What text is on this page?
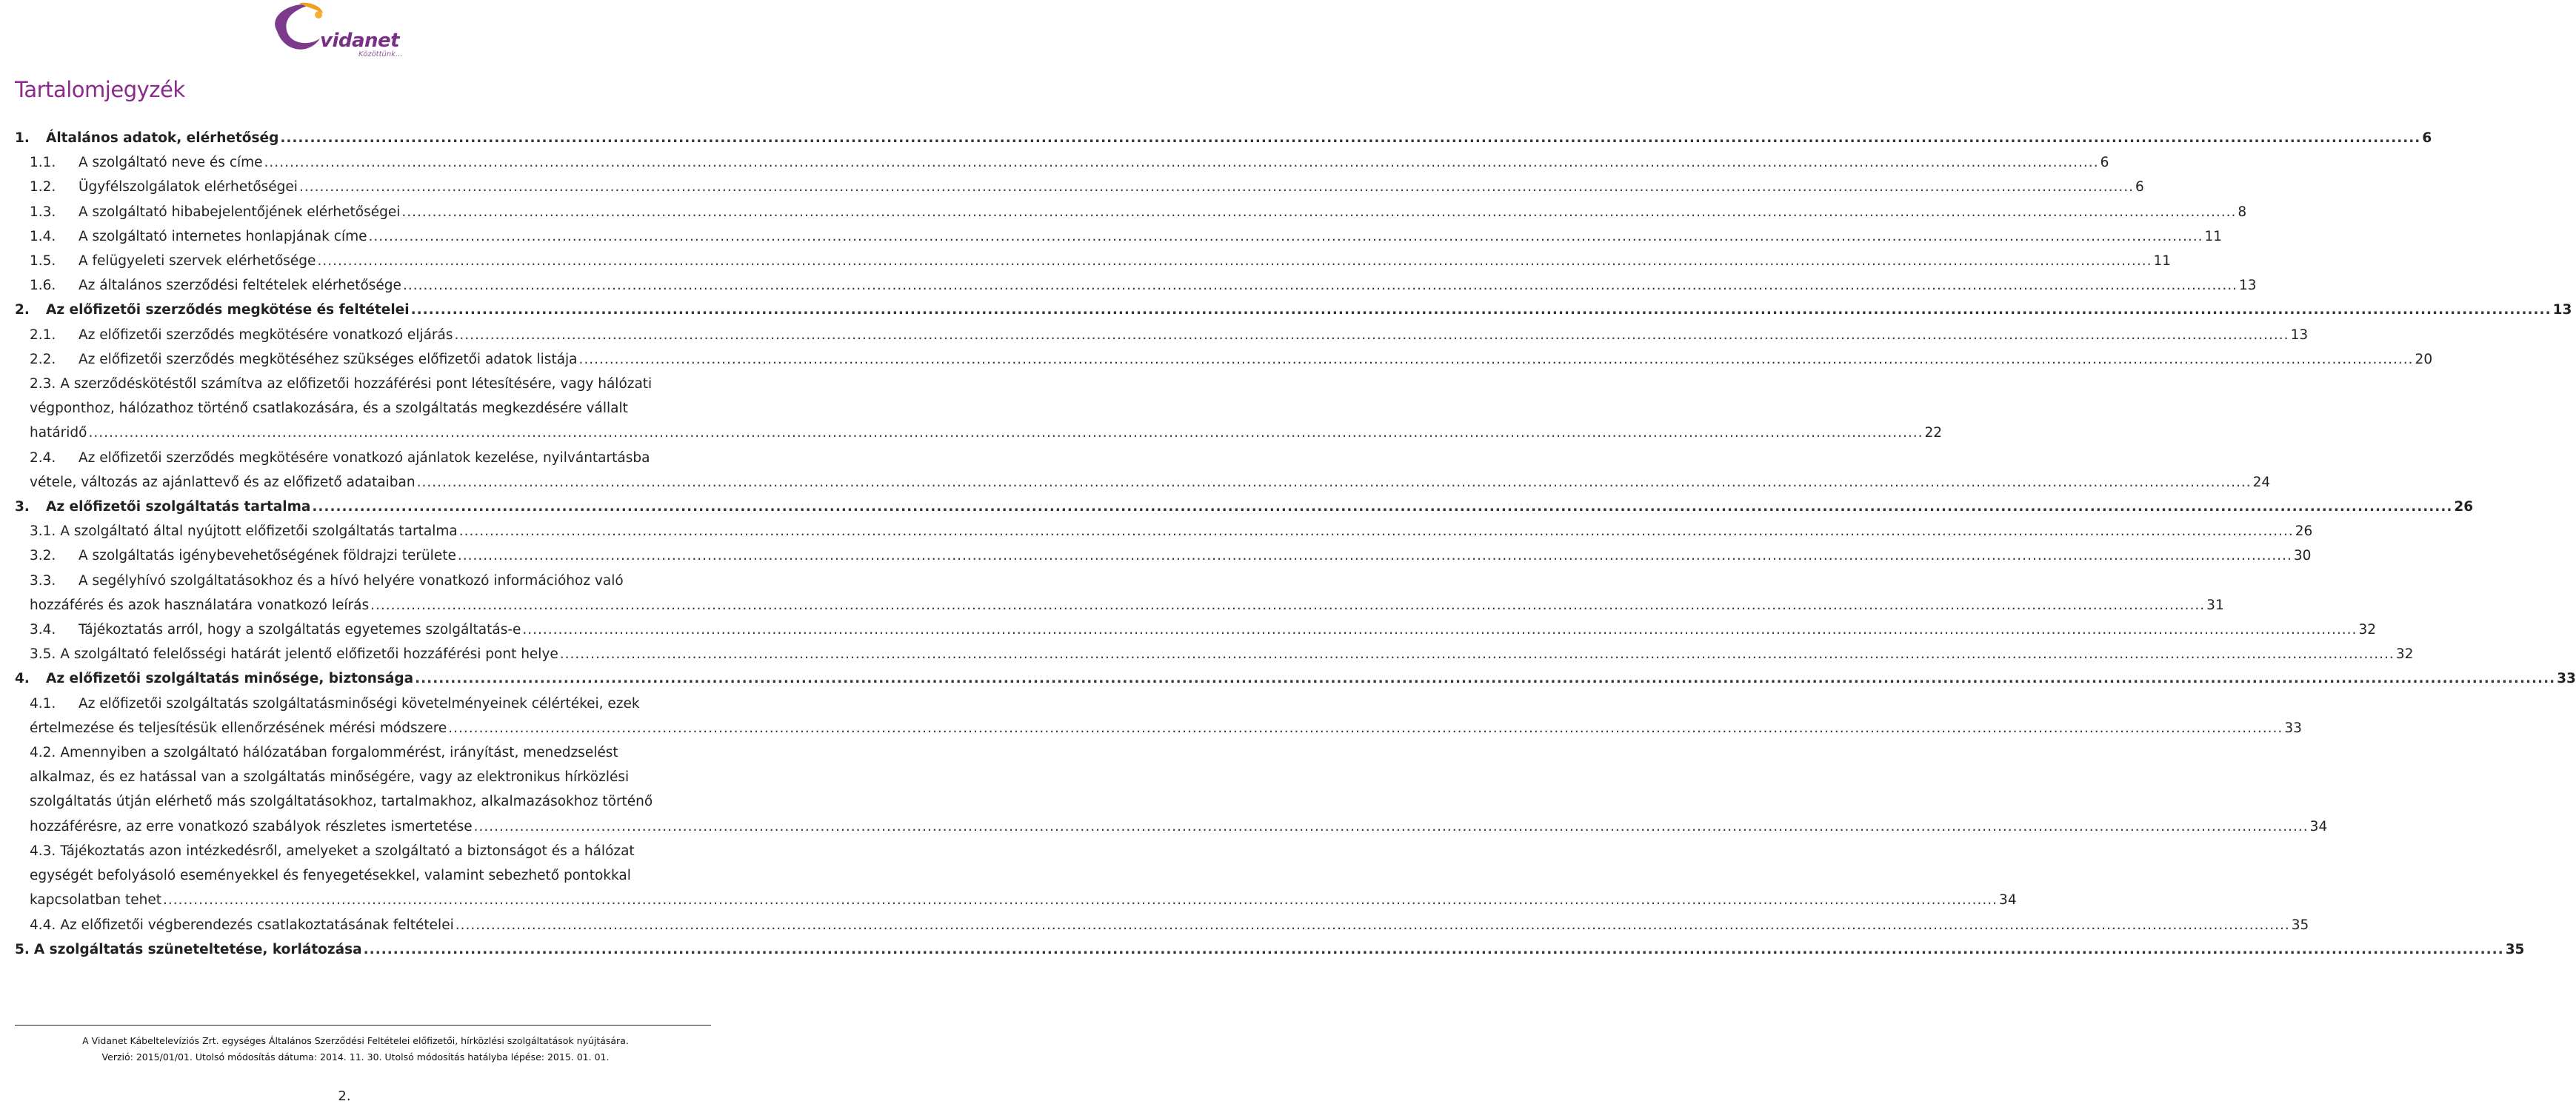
vidanet
Közöttünk...
Tartalomjegyzék
1.	Általános adatok, elérhetőség .....	6
1.1.	A szolgáltató neve és címe .....	6
1.2.	Ügyfélszolgálatok elérhetőségei .....	6
1.3.	A szolgáltató hibabejelentőjének elérhetőségei .....	8
1.4.	A szolgáltató internetes honlapjának címe .....	11
1.5.	A felügyeleti szervek elérhetősége .....	11
1.6.	Az általános szerződési feltételek elérhetősége .....	13
2.	Az előfizetői szerződés megkötése és feltételei .....	13
2.1.	Az előfizetői szerződés megkötésére vonatkozó eljárás .....	13
2.2.	Az előfizetői szerződés megkötéséhez szükséges előfizetői adatok listája .....	20
2.3. A szerződéskötéstől számítva az előfizetői hozzáférési pont létesítésére, vagy hálózati
végponthoz, hálózathoz történő csatlakozására, és a szolgáltatás megkezdésére vállalt
határidő .....	22
2.4.	Az előfizetői szerződés megkötésére vonatkozó ajánlatok kezelése, nyilvántartásba
vétele, változás az ajánlattevő és az előfizető adataiban .....	24
3.	Az előfizetői szolgáltatás tartalma .....	26
3.1. A szolgáltató által nyújtott előfizetői szolgáltatás tartalma .....	26
3.2.	A szolgáltatás igénybevehetőségének földrajzi területe .....	30
3.3.	A segélyhívó szolgáltatásokhoz és a hívó helyére vonatkozó információhoz való
hozzáférés és azok használatára vonatkozó leírás .....	31
3.4.	Tájékoztatás arról, hogy a szolgáltatás egyetemes szolgáltatás-e .....	32
3.5. A szolgáltató felelősségi határát jelentő előfizetői hozzáférési pont helye .....	32
4.	Az előfizetői szolgáltatás minősége, biztonsága .....	33
4.1.	Az előfizetői szolgáltatás szolgáltatásminőségi követelményeinek célértékei, ezek
értelmezése és teljesítésük ellenőrzésének mérési módszere .....	33
4.2. Amennyiben a szolgáltató hálózatában forgalommérést, irányítást, menedzselést
alkalmaz, és ez hatással van a szolgáltatás minőségére, vagy az elektronikus hírközlési
szolgáltatás útján elérhető más szolgáltatásokhoz, tartalmakhoz, alkalmazásokhoz történő
hozzáférésre, az erre vonatkozó szabályok részletes ismertetése .....	34
4.3. Tájékoztatás azon intézkedésről, amelyeket a szolgáltató a biztonságot és a hálózat
egységét befolyásoló eseményekkel és fenyegetésekkel, valamint sebezhető pontokkal
kapcsolatban tehet .....	34
4.4. Az előfizetői végberendezés csatlakoztatásának feltételei .....	35
5. A szolgáltatás szüneteltetése, korlátozása .....	35
A Vidanet Kábeltelevíziós Zrt. egységes Általános Szerződési Feltételei előfizetői, hírközlési szolgáltatások nyújtására.
Verzió: 2015/01/01. Utolsó módosítás dátuma: 2014. 11. 30. Utolsó módosítás hatályba lépése: 2015. 01. 01.
2.
